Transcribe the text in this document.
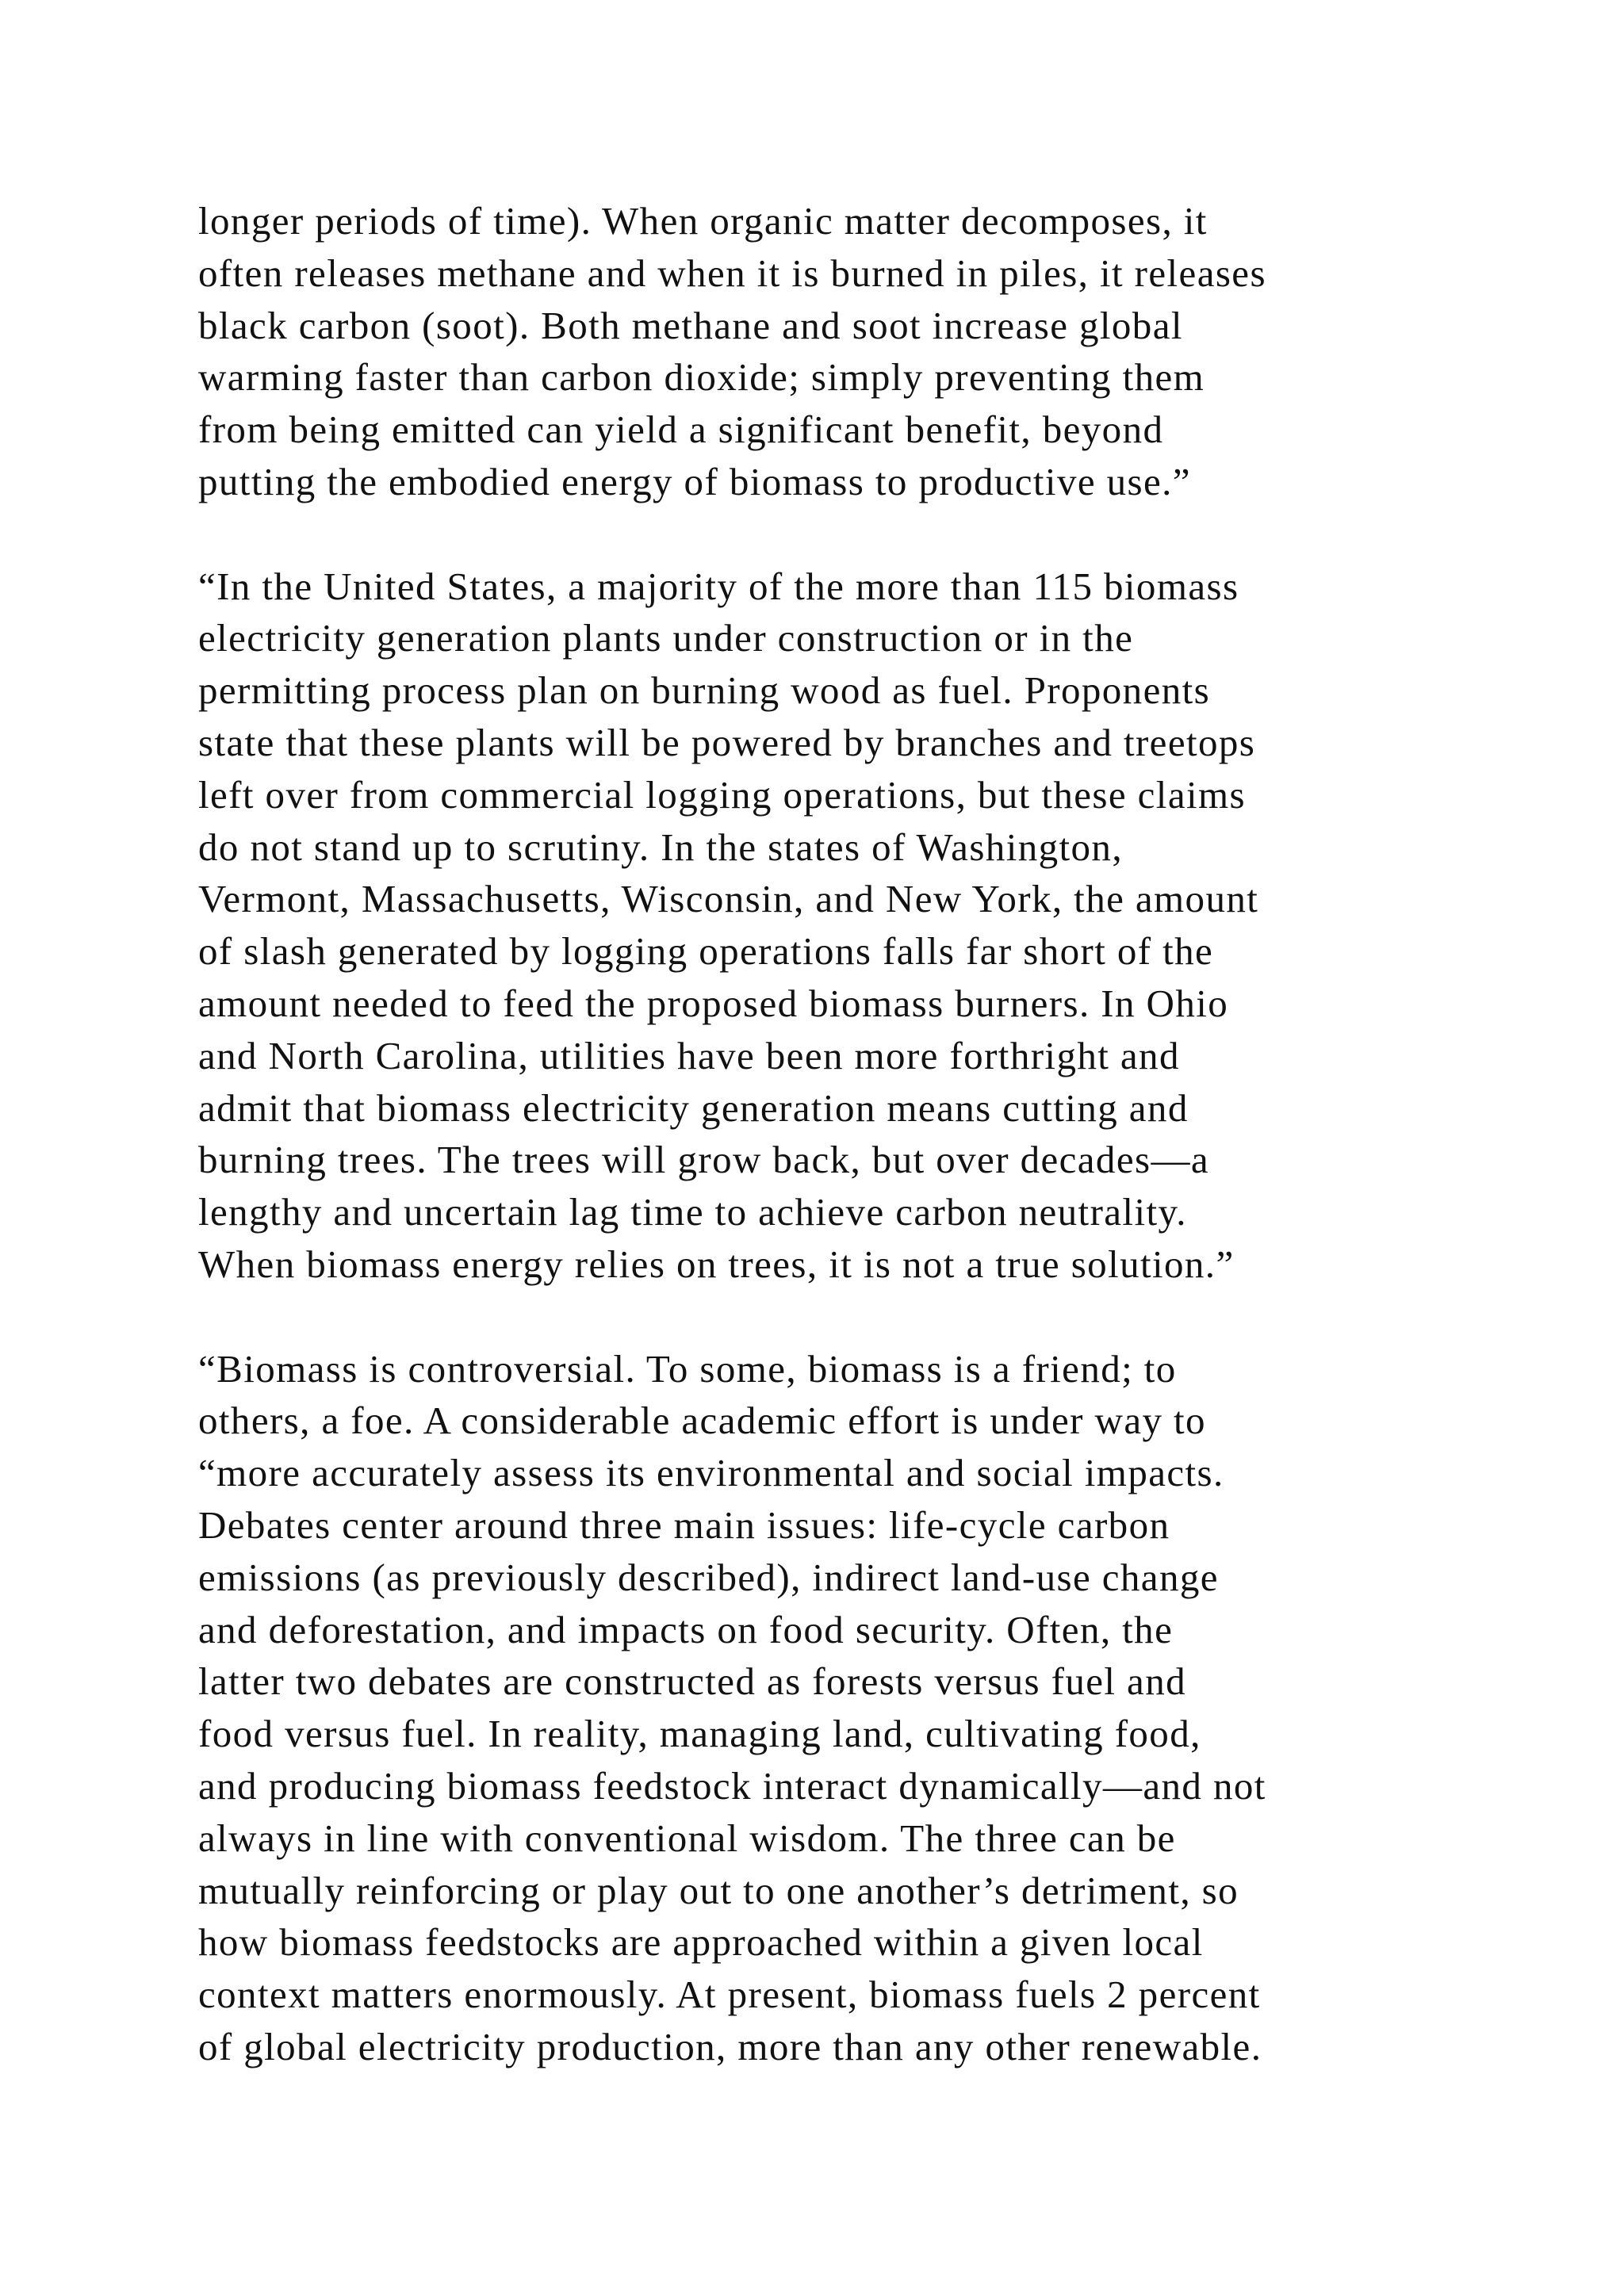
longer periods of time). When organic matter decomposes, it
often releases methane and when it is burned in piles, it releases
black carbon (soot). Both methane and soot increase global
warming faster than carbon dioxide; simply preventing them
from being emitted can yield a significant benefit, beyond
putting the embodied energy of biomass to productive use.”

“In the United States, a majority of the more than 115 biomass
electricity generation plants under construction or in the
permitting process plan on burning wood as fuel. Proponents
state that these plants will be powered by branches and treetops
left over from commercial logging operations, but these claims
do not stand up to scrutiny. In the states of Washington,
Vermont, Massachusetts, Wisconsin, and New York, the amount
of slash generated by logging operations falls far short of the
amount needed to feed the proposed biomass burners. In Ohio
and North Carolina, utilities have been more forthright and
admit that biomass electricity generation means cutting and
burning trees. The trees will grow back, but over decades—a
lengthy and uncertain lag time to achieve carbon neutrality.
When biomass energy relies on trees, it is not a true solution.”

“Biomass is controversial. To some, biomass is a friend; to
others, a foe. A considerable academic effort is under way to
“more accurately assess its environmental and social impacts.
Debates center around three main issues: life-cycle carbon
emissions (as previously described), indirect land-use change
and deforestation, and impacts on food security. Often, the
latter two debates are constructed as forests versus fuel and
food versus fuel. In reality, managing land, cultivating food,
and producing biomass feedstock interact dynamically—and not
always in line with conventional wisdom. The three can be
mutually reinforcing or play out to one another’s detriment, so
how biomass feedstocks are approached within a given local
context matters enormously. At present, biomass fuels 2 percent
of global electricity production, more than any other renewable.
